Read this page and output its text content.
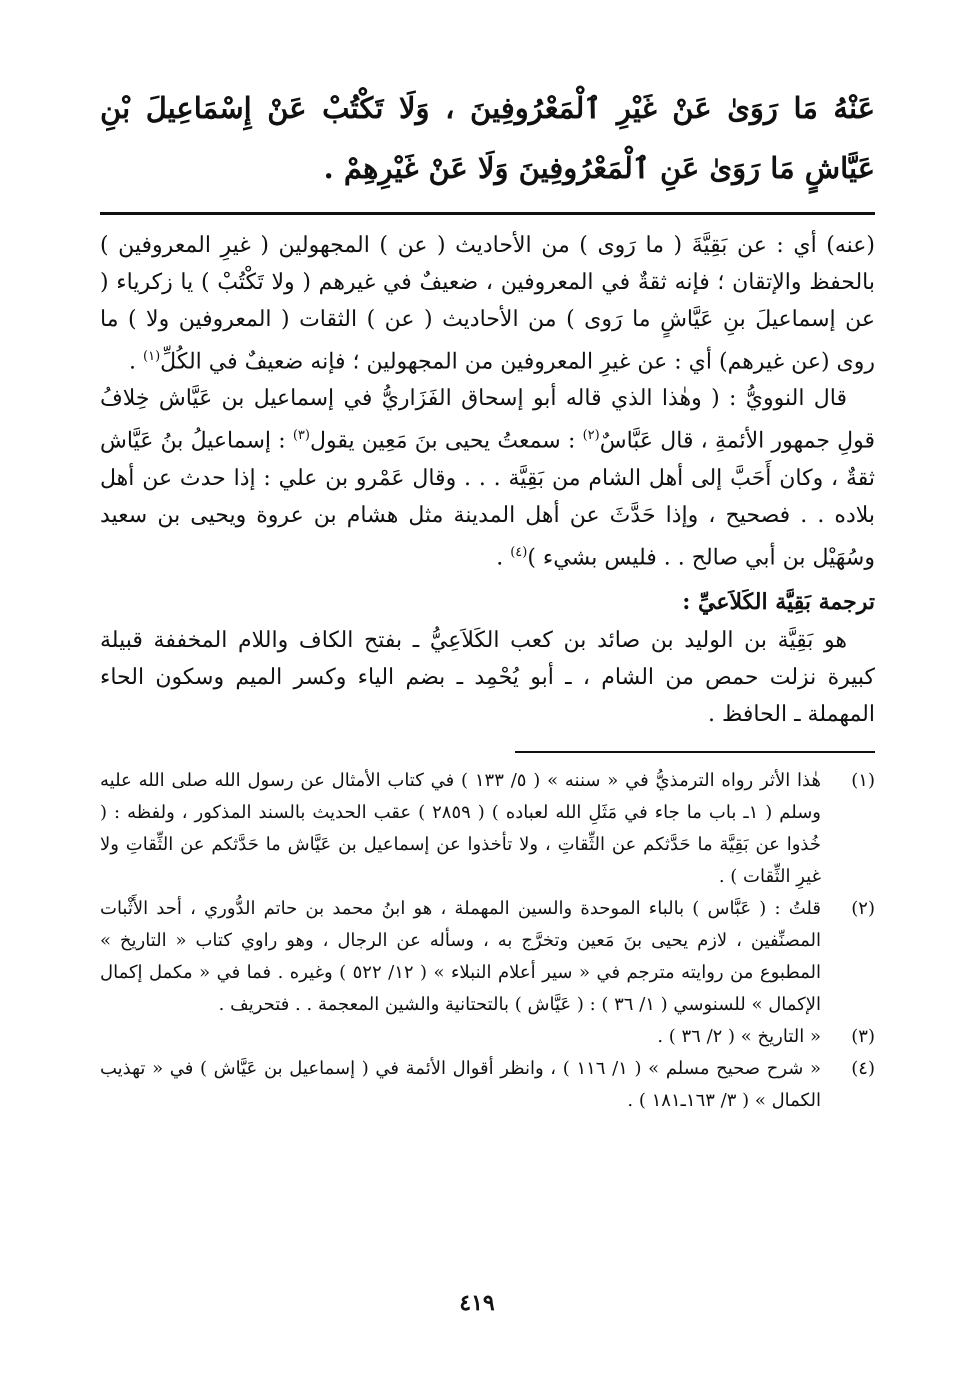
عَنْهُ مَا رَوَىٰ عَنْ غَيْرِ ٱلْمَعْرُوفِينَ ، وَلَا تَكْتُبْ عَنْ إِسْمَاعِيلَ بْنِ عَيَّاشٍ مَا رَوَىٰ عَنِ ٱلْمَعْرُوفِينَ وَلَا عَنْ غَيْرِهِمْ .

(عنه) أي : عن بَقِيَّةَ ( ما رَوى ) من الأحاديث ( عن ) المجهولين ( غيرِ المعروفين ) بالحفظ والإتقان ؛ فإنه ثقةٌ في المعروفين ، ضعيفٌ في غيرهم ( ولا تَكْتُبْ ) يا زكرياء ( عن إسماعيلَ بنِ عَيَّاشٍ ما رَوى ) من الأحاديث ( عن ) الثقات ( المعروفين ولا ) ما روى (عن غيرهم) أي : عن غيرِ المعروفين من المجهولين ؛ فإنه ضعيفٌ في الكُلِّ$^{(١)}$ .

قال النوويُّ : ( وهٰذا الذي قاله أبو إسحاق الفَزَاريُّ في إسماعيل بن عَيَّاش خِلافُ قولِ جمهور الأئمةِ ، قال عَبَّاسٌ$^{(٢)}$ : سمعتُ يحيى بنَ مَعِين يقول$^{(٣)}$ : إسماعيلُ بنُ عَيَّاش ثقةٌ ، وكان أَحَبَّ إلى أهل الشام من بَقِيَّة . . . وقال عَمْرو بن علي : إذا حدث عن أهل بلاده . . فصحيح ، وإذا حَدَّثَ عن أهل المدينة مثل هشام بن عروة ويحيى بن سعيد وسُهَيْل بن أبي صالح . . فليس بشيء )$^{(٤)}$ .

ترجمة بَقِيَّة الكَلاَعيِّ :

هو بَقِيَّة بن الوليد بن صائد بن كعب الكَلاَعِيُّ ـ بفتح الكاف واللام المخففة قبيلة كبيرة نزلت حمص من الشام ، ـ أبو يُحْمِد ـ بضم الياء وكسر الميم وسكون الحاء المهملة ـ الحافظ .

(١)
هٰذا الأثر رواه الترمذيُّ في « سننه » ( ٥/ ١٣٣ ) في كتاب الأمثال عن رسول الله صلى الله عليه وسلم ( ١ـ باب ما جاء في مَثَلِ الله لعباده ) ( ٢٨٥٩ ) عقب الحديث بالسند المذكور ، ولفظه : ( خُذوا عن بَقِيَّة ما حَدَّثكم عن الثِّقاتِ ، ولا تأخذوا عن إسماعيل بن عَيَّاش ما حَدَّثكم عن الثِّقاتِ ولا غيرِ الثِّقات ) .
(٢)
قلتُ : ( عَبَّاس ) بالباء الموحدة والسين المهملة ، هو ابنُ محمد بن حاتم الدُّوري ، أحد الأَثْبات المصنِّفين ، لازم يحيى بنَ مَعين وتخرَّج به ، وسأله عن الرجال ، وهو راوي كتاب « التاريخ » المطبوع من روايته مترجم في « سير أعلام النبلاء » ( ١٢/ ٥٢٢ ) وغيره . فما في « مكمل إكمال الإكمال » للسنوسي ( ١/ ٣٦ ) : ( عَيَّاش ) بالتحتانية والشين المعجمة . . فتحريف .
(٣)
« التاريخ » ( ٢/ ٣٦ ) .
(٤)
« شرح صحيح مسلم » ( ١/ ١١٦ ) ، وانظر أقوال الأئمة في ( إسماعيل بن عَيَّاش ) في « تهذيب الكمال » ( ٣/ ١٦٣ـ١٨١ ) .
٤١٩
